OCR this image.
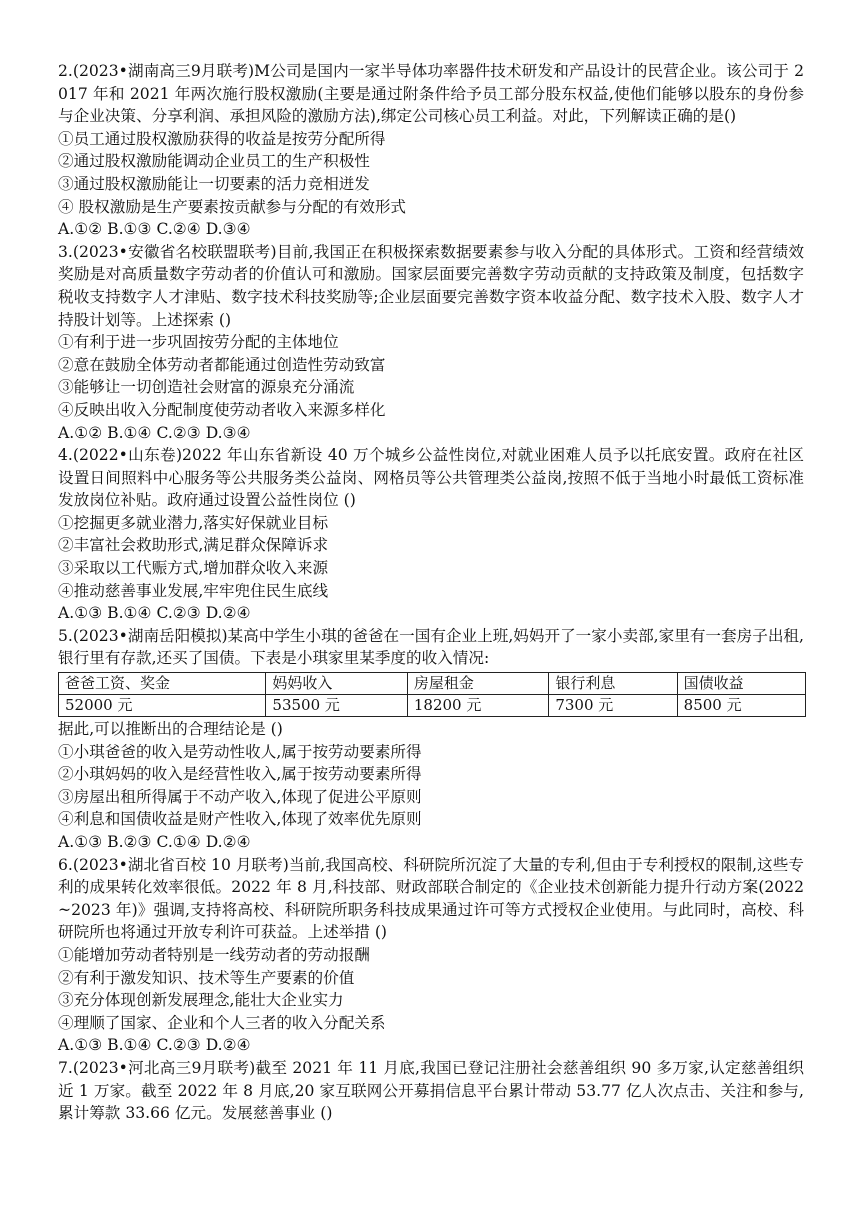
2.(2023•湖南高三9月联考)M公司是国内一家半导体功率器件技术研发和产品设计的民营企业。该公司于 2017 年和 2021 年两次施行股权激励(主要是通过附条件给予员工部分股东权益,使他们能够以股东的身份参与企业决策、分享利润、承担风险的激励方法),绑定公司核心员工利益。对此，下列解读正确的是()
①员工通过股权激励获得的收益是按劳分配所得
②通过股权激励能调动企业员工的生产积极性
③通过股权激励能让一切要素的活力竞相迸发
④ 股权激励是生产要素按贡献参与分配的有效形式
A.①② B.①③ C.②④ D.③④
3.(2023•安徽省名校联盟联考)目前,我国正在积极探索数据要素参与收入分配的具体形式。工资和经营绩效奖励是对高质量数字劳动者的价值认可和激励。国家层面要完善数字劳动贡献的支持政策及制度，包括数字税收支持数字人才津贴、数字技术科技奖励等;企业层面要完善数字资本收益分配、数字技术入股、数字人才持股计划等。上述探索 ()
①有利于进一步巩固按劳分配的主体地位
②意在鼓励全体劳动者都能通过创造性劳动致富
③能够让一切创造社会财富的源泉充分涌流
④反映出收入分配制度使劳动者收入来源多样化
A.①② B.①④ C.②③ D.③④
4.(2022•山东卷)2022 年山东省新设 40 万个城乡公益性岗位,对就业困难人员予以托底安置。政府在社区设置日间照料中心服务等公共服务类公益岗、网格员等公共管理类公益岗,按照不低于当地小时最低工资标准发放岗位补贴。政府通过设置公益性岗位 ()
①挖掘更多就业潜力,落实好保就业目标
②丰富社会救助形式,满足群众保障诉求
③采取以工代赈方式,增加群众收入来源
④推动慈善事业发展,牢牢兜住民生底线
A.①③ B.①④ C.②③ D.②④
5.(2023•湖南岳阳模拟)某高中学生小琪的爸爸在一国有企业上班,妈妈开了一家小卖部,家里有一套房子出租,银行里有存款,还买了国债。下表是小琪家里某季度的收入情况:
爸爸工资、奖金	妈妈收入	房屋租金	银行利息	国债收益
52000 元	53500 元	18200 元	7300 元	8500 元
据此,可以推断出的合理结论是 ()
①小琪爸爸的收入是劳动性收人,属于按劳动要素所得
②小琪妈妈的收入是经营性收入,属于按劳动要素所得
③房屋出租所得属于不动产收入,体现了促进公平原则
④利息和国债收益是财产性收入,体现了效率优先原则
A.①③ B.②③ C.①④ D.②④
6.(2023•湖北省百校 10 月联考)当前,我国高校、科研院所沉淀了大量的专利,但由于专利授权的限制,这些专利的成果转化效率很低。2022 年 8 月,科技部、财政部联合制定的《企业技术创新能力提升行动方案(2022~2023 年)》强调,支持将高校、科研院所职务科技成果通过许可等方式授权企业使用。与此同时，高校、科研院所也将通过开放专利许可获益。上述举措 ()
①能增加劳动者特别是一线劳动者的劳动报酬
②有利于激发知识、技术等生产要素的价值
③充分体现创新发展理念,能壮大企业实力
④理顺了国家、企业和个人三者的收入分配关系
A.①③ B.①④ C.②③ D.②④
7.(2023•河北高三9月联考)截至 2021 年 11 月底,我国已登记注册社会慈善组织 90 多万家,认定慈善组织近 1 万家。截至 2022 年 8 月底,20 家互联网公开募捐信息平台累计带动 53.77 亿人次点击、关注和参与,累计筹款 33.66 亿元。发展慈善事业 ()
